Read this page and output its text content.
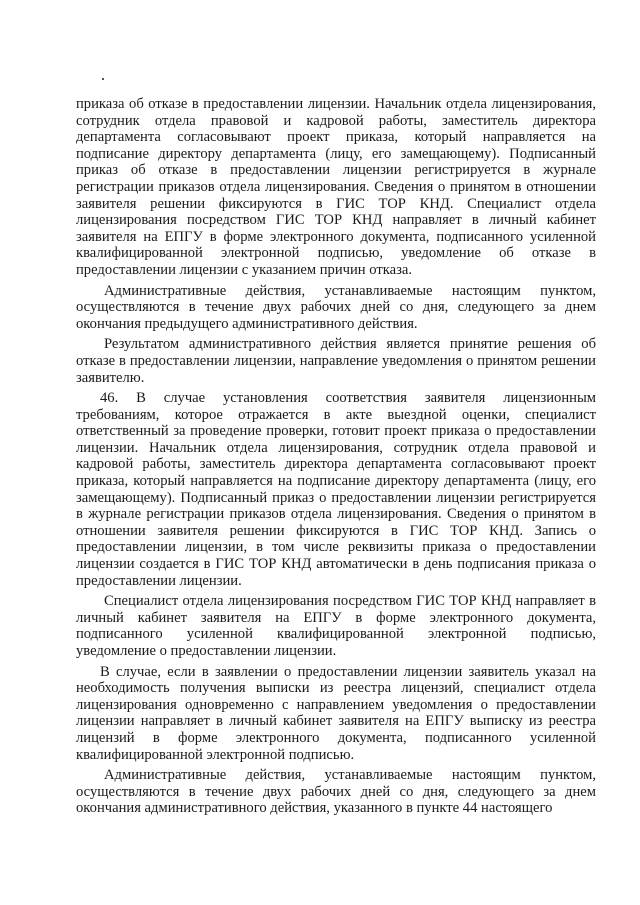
приказа об отказе в предоставлении лицензии. Начальник отдела лицензирования, сотрудник отдела правовой и кадровой работы, заместитель директора департамента согласовывают проект приказа, который направляется на подписание директору департамента (лицу, его замещающему). Подписанный приказ об отказе в предоставлении лицензии регистрируется в журнале регистрации приказов отдела лицензирования. Сведения о принятом в отношении заявителя решении фиксируются в ГИС ТОР КНД. Специалист отдела лицензирования посредством ГИС ТОР КНД направляет в личный кабинет заявителя на ЕПГУ в форме электронного документа, подписанного усиленной квалифицированной электронной подписью, уведомление об отказе в предоставлении лицензии с указанием причин отказа.

Административные действия, устанавливаемые настоящим пунктом, осуществляются в течение двух рабочих дней со дня, следующего за днем окончания предыдущего административного действия.

Результатом административного действия является принятие решения об отказе в предоставлении лицензии, направление уведомления о принятом решении заявителю.

46. В случае установления соответствия заявителя лицензионным требованиям, которое отражается в акте выездной оценки, специалист ответственный за проведение проверки, готовит проект приказа о предоставлении лицензии. Начальник отдела лицензирования, сотрудник отдела правовой и кадровой работы, заместитель директора департамента согласовывают проект приказа, который направляется на подписание директору департамента (лицу, его замещающему). Подписанный приказ о предоставлении лицензии регистрируется в журнале регистрации приказов отдела лицензирования. Сведения о принятом в отношении заявителя решении фиксируются в ГИС ТОР КНД. Запись о предоставлении лицензии, в том числе реквизиты приказа о предоставлении лицензии создается в ГИС ТОР КНД автоматически в день подписания приказа о предоставлении лицензии.

Специалист отдела лицензирования посредством ГИС ТОР КНД направляет в личный кабинет заявителя на ЕПГУ в форме электронного документа, подписанного усиленной квалифицированной электронной подписью, уведомление о предоставлении лицензии.

В случае, если в заявлении о предоставлении лицензии заявитель указал на необходимость получения выписки из реестра лицензий, специалист отдела лицензирования одновременно с направлением уведомления о предоставлении лицензии направляет в личный кабинет заявителя на ЕПГУ выписку из реестра лицензий в форме электронного документа, подписанного усиленной квалифицированной электронной подписью.

Административные действия, устанавливаемые настоящим пунктом, осуществляются в течение двух рабочих дней со дня, следующего за днем окончания административного действия, указанного в пункте 44 настоящего
